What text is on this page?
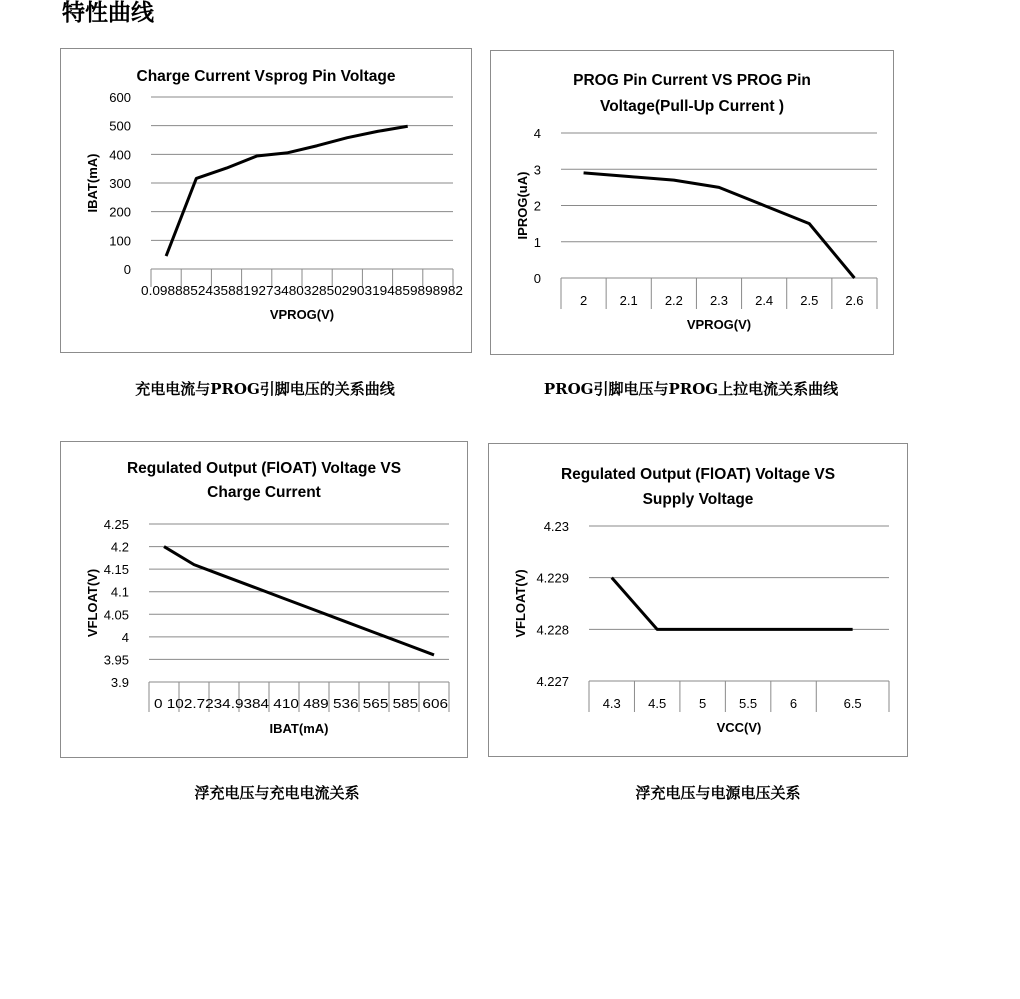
特性曲线
Charge Current Vsprog Pin Voltage
0
100
200
300
400
500
600
0.09888524358819273480328502903194859898982
VPROG(V)
IBAT(mA)
充电电流与PROG引脚电压的关系曲线
PROG Pin Current VS PROG Pin
Voltage(Pull-Up Current )
0
1
2
3
4
2 2.1 2.2 2.3 2.4 2.5 2.6
VPROG(V)
IPROG(uA)
PROG引脚电压与PROG上拉电流关系曲线
Regulated Output (FlOAT) Voltage VS
Charge Current
3.9
3.95
4
4.05
4.1
4.15
4.2
4.25
0 102.7234.9384 410 489 536 565 585 606
IBAT(mA)
VFLOAT(V)
浮充电压与充电电流关系
Regulated Output (FlOAT) Voltage VS
Supply Voltage
4.227
4.228
4.229
4.23
4.3 4.5	5	5.5	6	6.5
VCC(V)
VFLOAT(V)
浮充电压与电源电压关系
